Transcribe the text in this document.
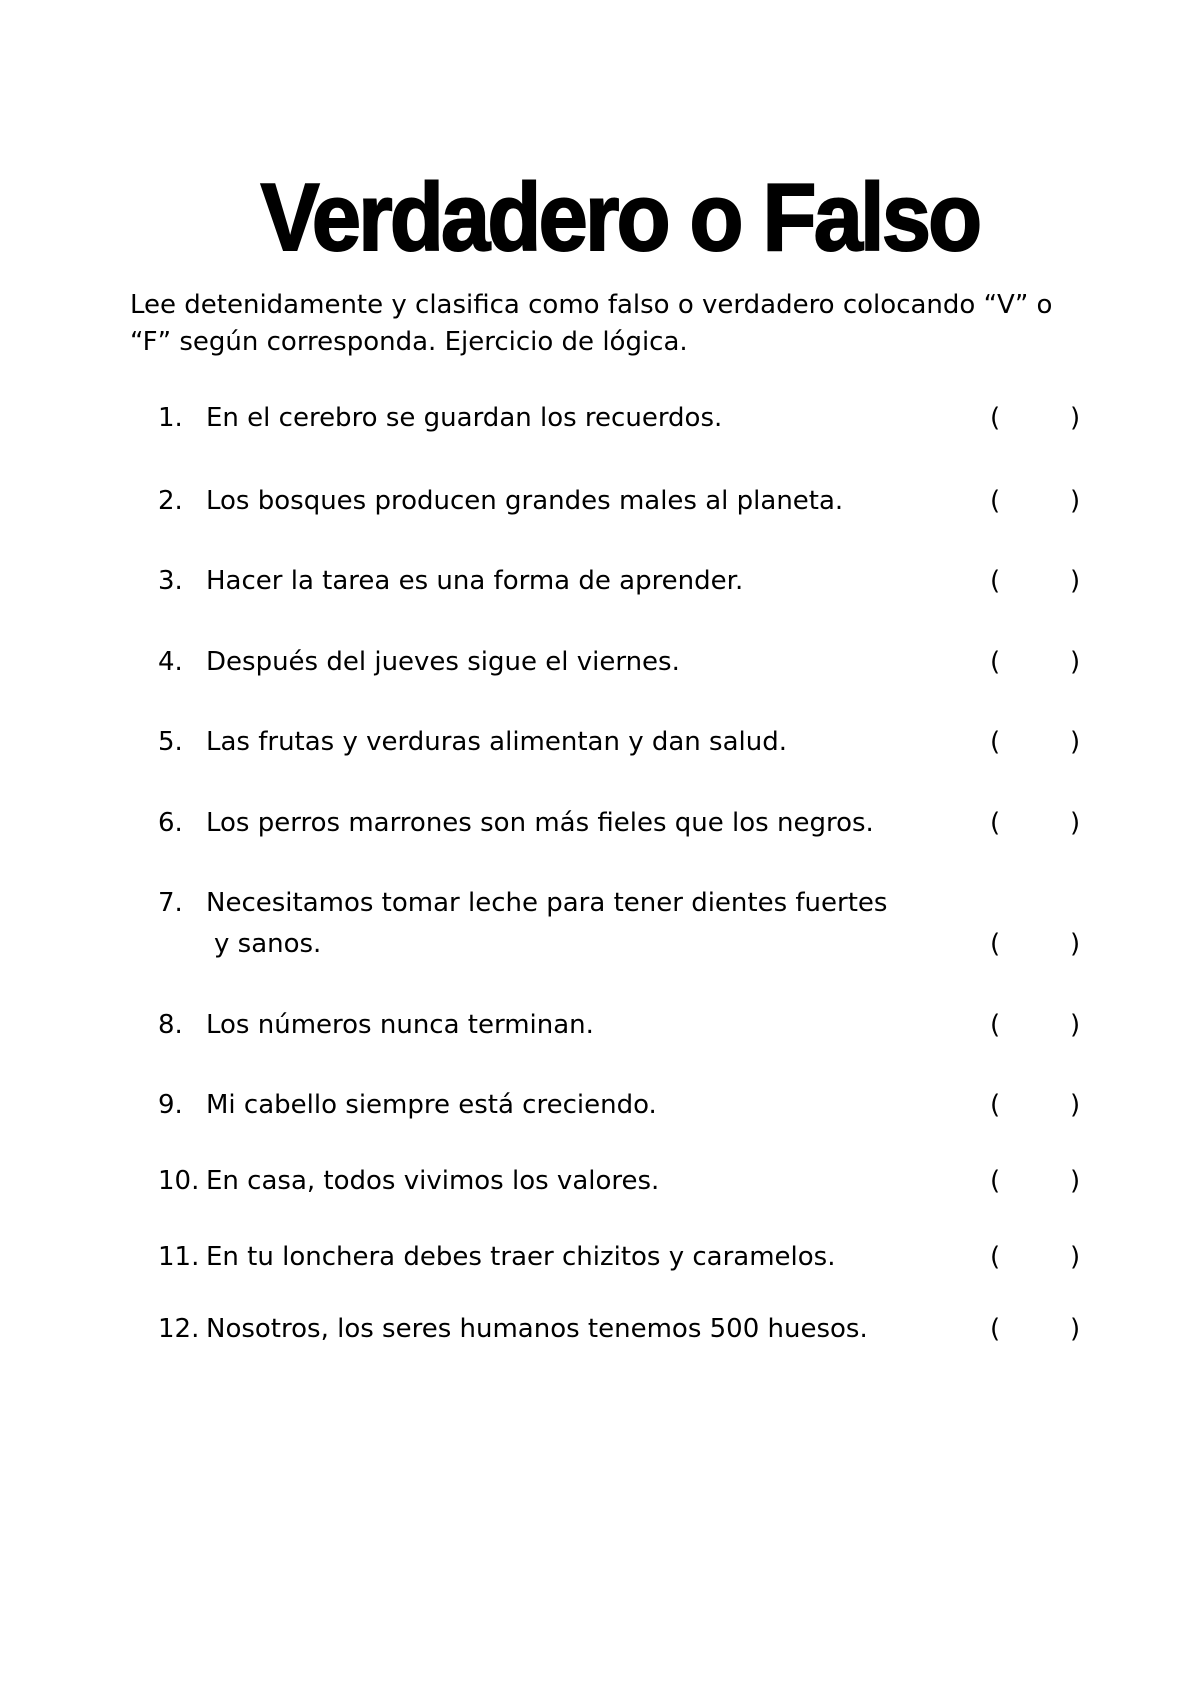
Verdadero o Falso
Lee detenidamente y clasifica como falso o verdadero colocando “V” o
“F” según corresponda. Ejercicio de lógica.
1. En el cerebro se guardan los recuerdos.	(	)
2. Los bosques producen grandes males al planeta.	(	)
3. Hacer la tarea es una forma de aprender.	(	)
4. Después del jueves sigue el viernes.	(	)
5. Las frutas y verduras alimentan y dan salud.	(	)
6. Los perros marrones son más fieles que los negros.	(	)
7. Necesitamos tomar leche para tener dientes fuertes
y sanos.	(	)
8. Los números nunca terminan.	(	)
9. Mi cabello siempre está creciendo.	(	)
10. En casa, todos vivimos los valores.	(	)
11. En tu lonchera debes traer chizitos y caramelos.	(	)
12. Nosotros, los seres humanos tenemos 500 huesos.	(	)
